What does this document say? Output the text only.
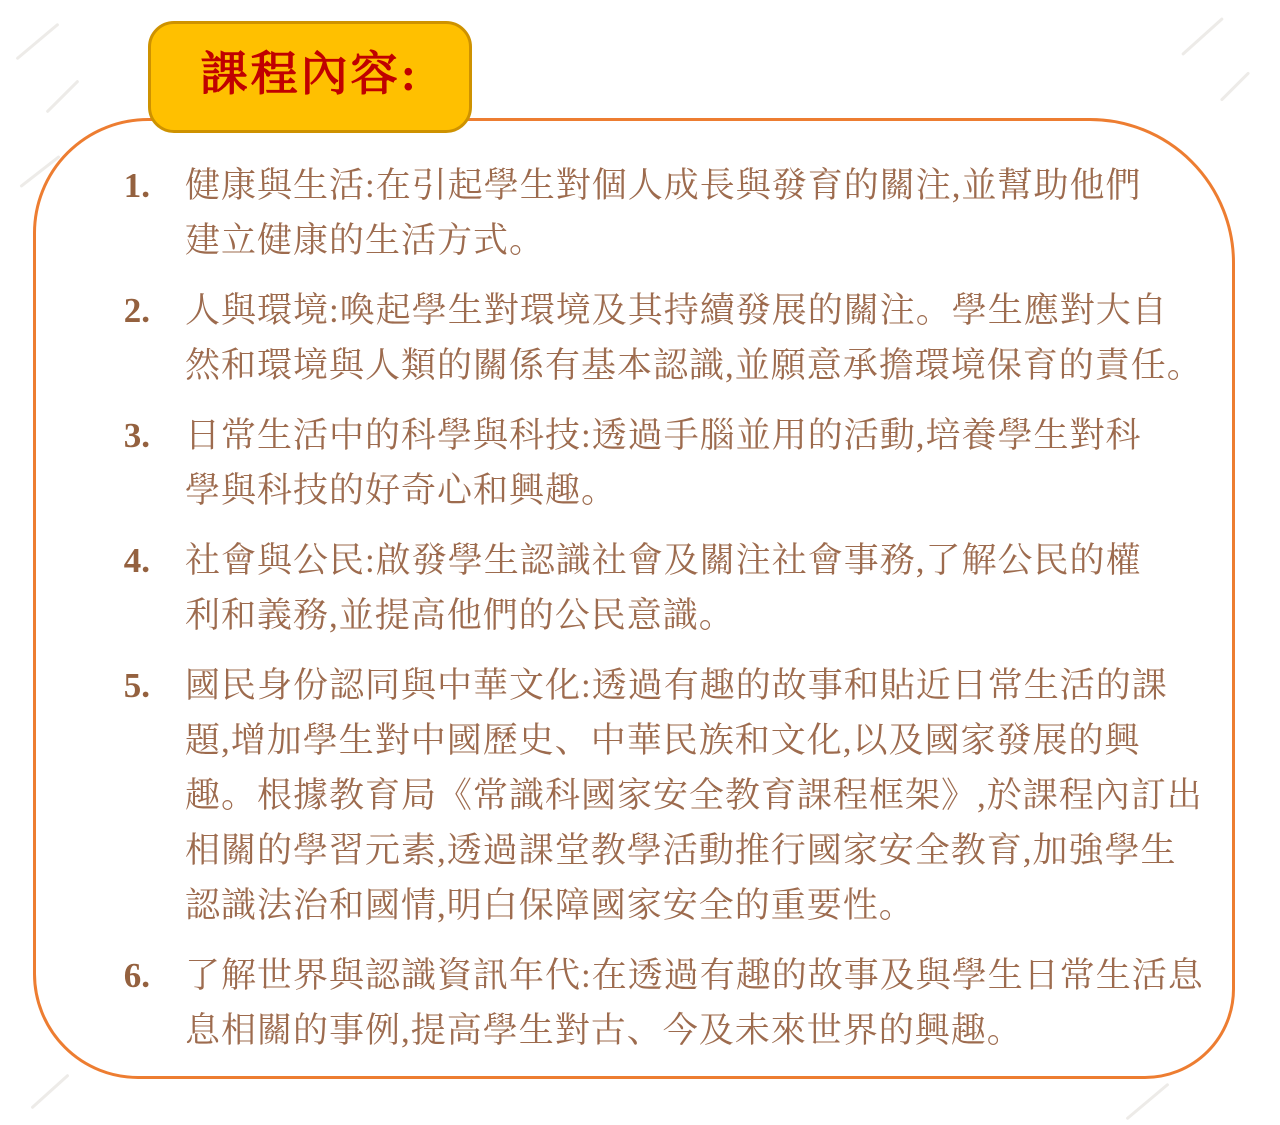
課程內容:
1. 健康與生活:在引起學生對個人成長與發育的關注,並幫助他們
建立健康的生活方式。
2. 人與環境:喚起學生對環境及其持續發展的關注。學生應對大自
然和環境與人類的關係有基本認識,並願意承擔環境保育的責任。
3. 日常生活中的科學與科技:透過手腦並用的活動,培養學生對科
學與科技的好奇心和興趣。
4. 社會與公民:啟發學生認識社會及關注社會事務,了解公民的權
利和義務,並提高他們的公民意識。
5. 國民身份認同與中華文化:透過有趣的故事和貼近日常生活的課
題,增加學生對中國歷史、中華民族和文化,以及國家發展的興
趣。根據教育局《常識科國家安全教育課程框架》,於課程內訂出
相關的學習元素,透過課堂教學活動推行國家安全教育,加強學生
認識法治和國情,明白保障國家安全的重要性。
6. 了解世界與認識資訊年代:在透過有趣的故事及與學生日常生活息
息相關的事例,提高學生對古、今及未來世界的興趣。
